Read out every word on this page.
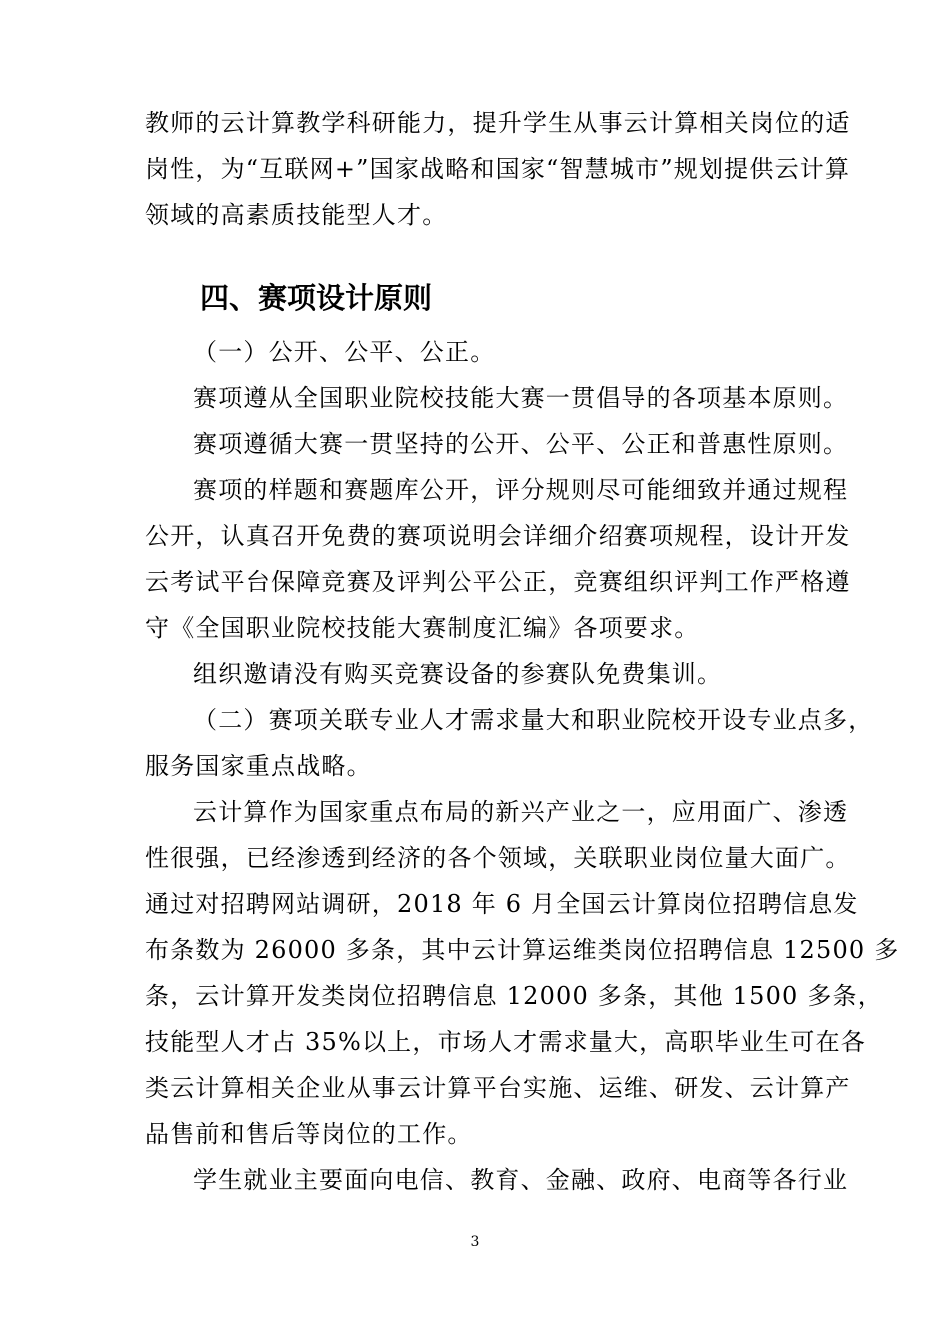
教师的云计算教学科研能力，提升学生从事云计算相关岗位的适
岗性，为“互联网+”国家战略和国家“智慧城市”规划提供云计算
领域的高素质技能型人才。
四、赛项设计原则
（一）公开、公平、公正。
赛项遵从全国职业院校技能大赛一贯倡导的各项基本原则。
赛项遵循大赛一贯坚持的公开、公平、公正和普惠性原则。
赛项的样题和赛题库公开，评分规则尽可能细致并通过规程
公开，认真召开免费的赛项说明会详细介绍赛项规程，设计开发
云考试平台保障竞赛及评判公平公正，竞赛组织评判工作严格遵
守《全国职业院校技能大赛制度汇编》各项要求。
组织邀请没有购买竞赛设备的参赛队免费集训。
（二）赛项关联专业人才需求量大和职业院校开设专业点多，
服务国家重点战略。
云计算作为国家重点布局的新兴产业之一，应用面广、渗透
性很强，已经渗透到经济的各个领域，关联职业岗位量大面广。
通过对招聘网站调研，2018 年 6 月全国云计算岗位招聘信息发
布条数为 26000 多条，其中云计算运维类岗位招聘信息 12500 多
条，云计算开发类岗位招聘信息 12000 多条，其他 1500 多条，
技能型人才占 35%以上，市场人才需求量大，高职毕业生可在各
类云计算相关企业从事云计算平台实施、运维、研发、云计算产
品售前和售后等岗位的工作。
学生就业主要面向电信、教育、金融、政府、电商等各行业
3
